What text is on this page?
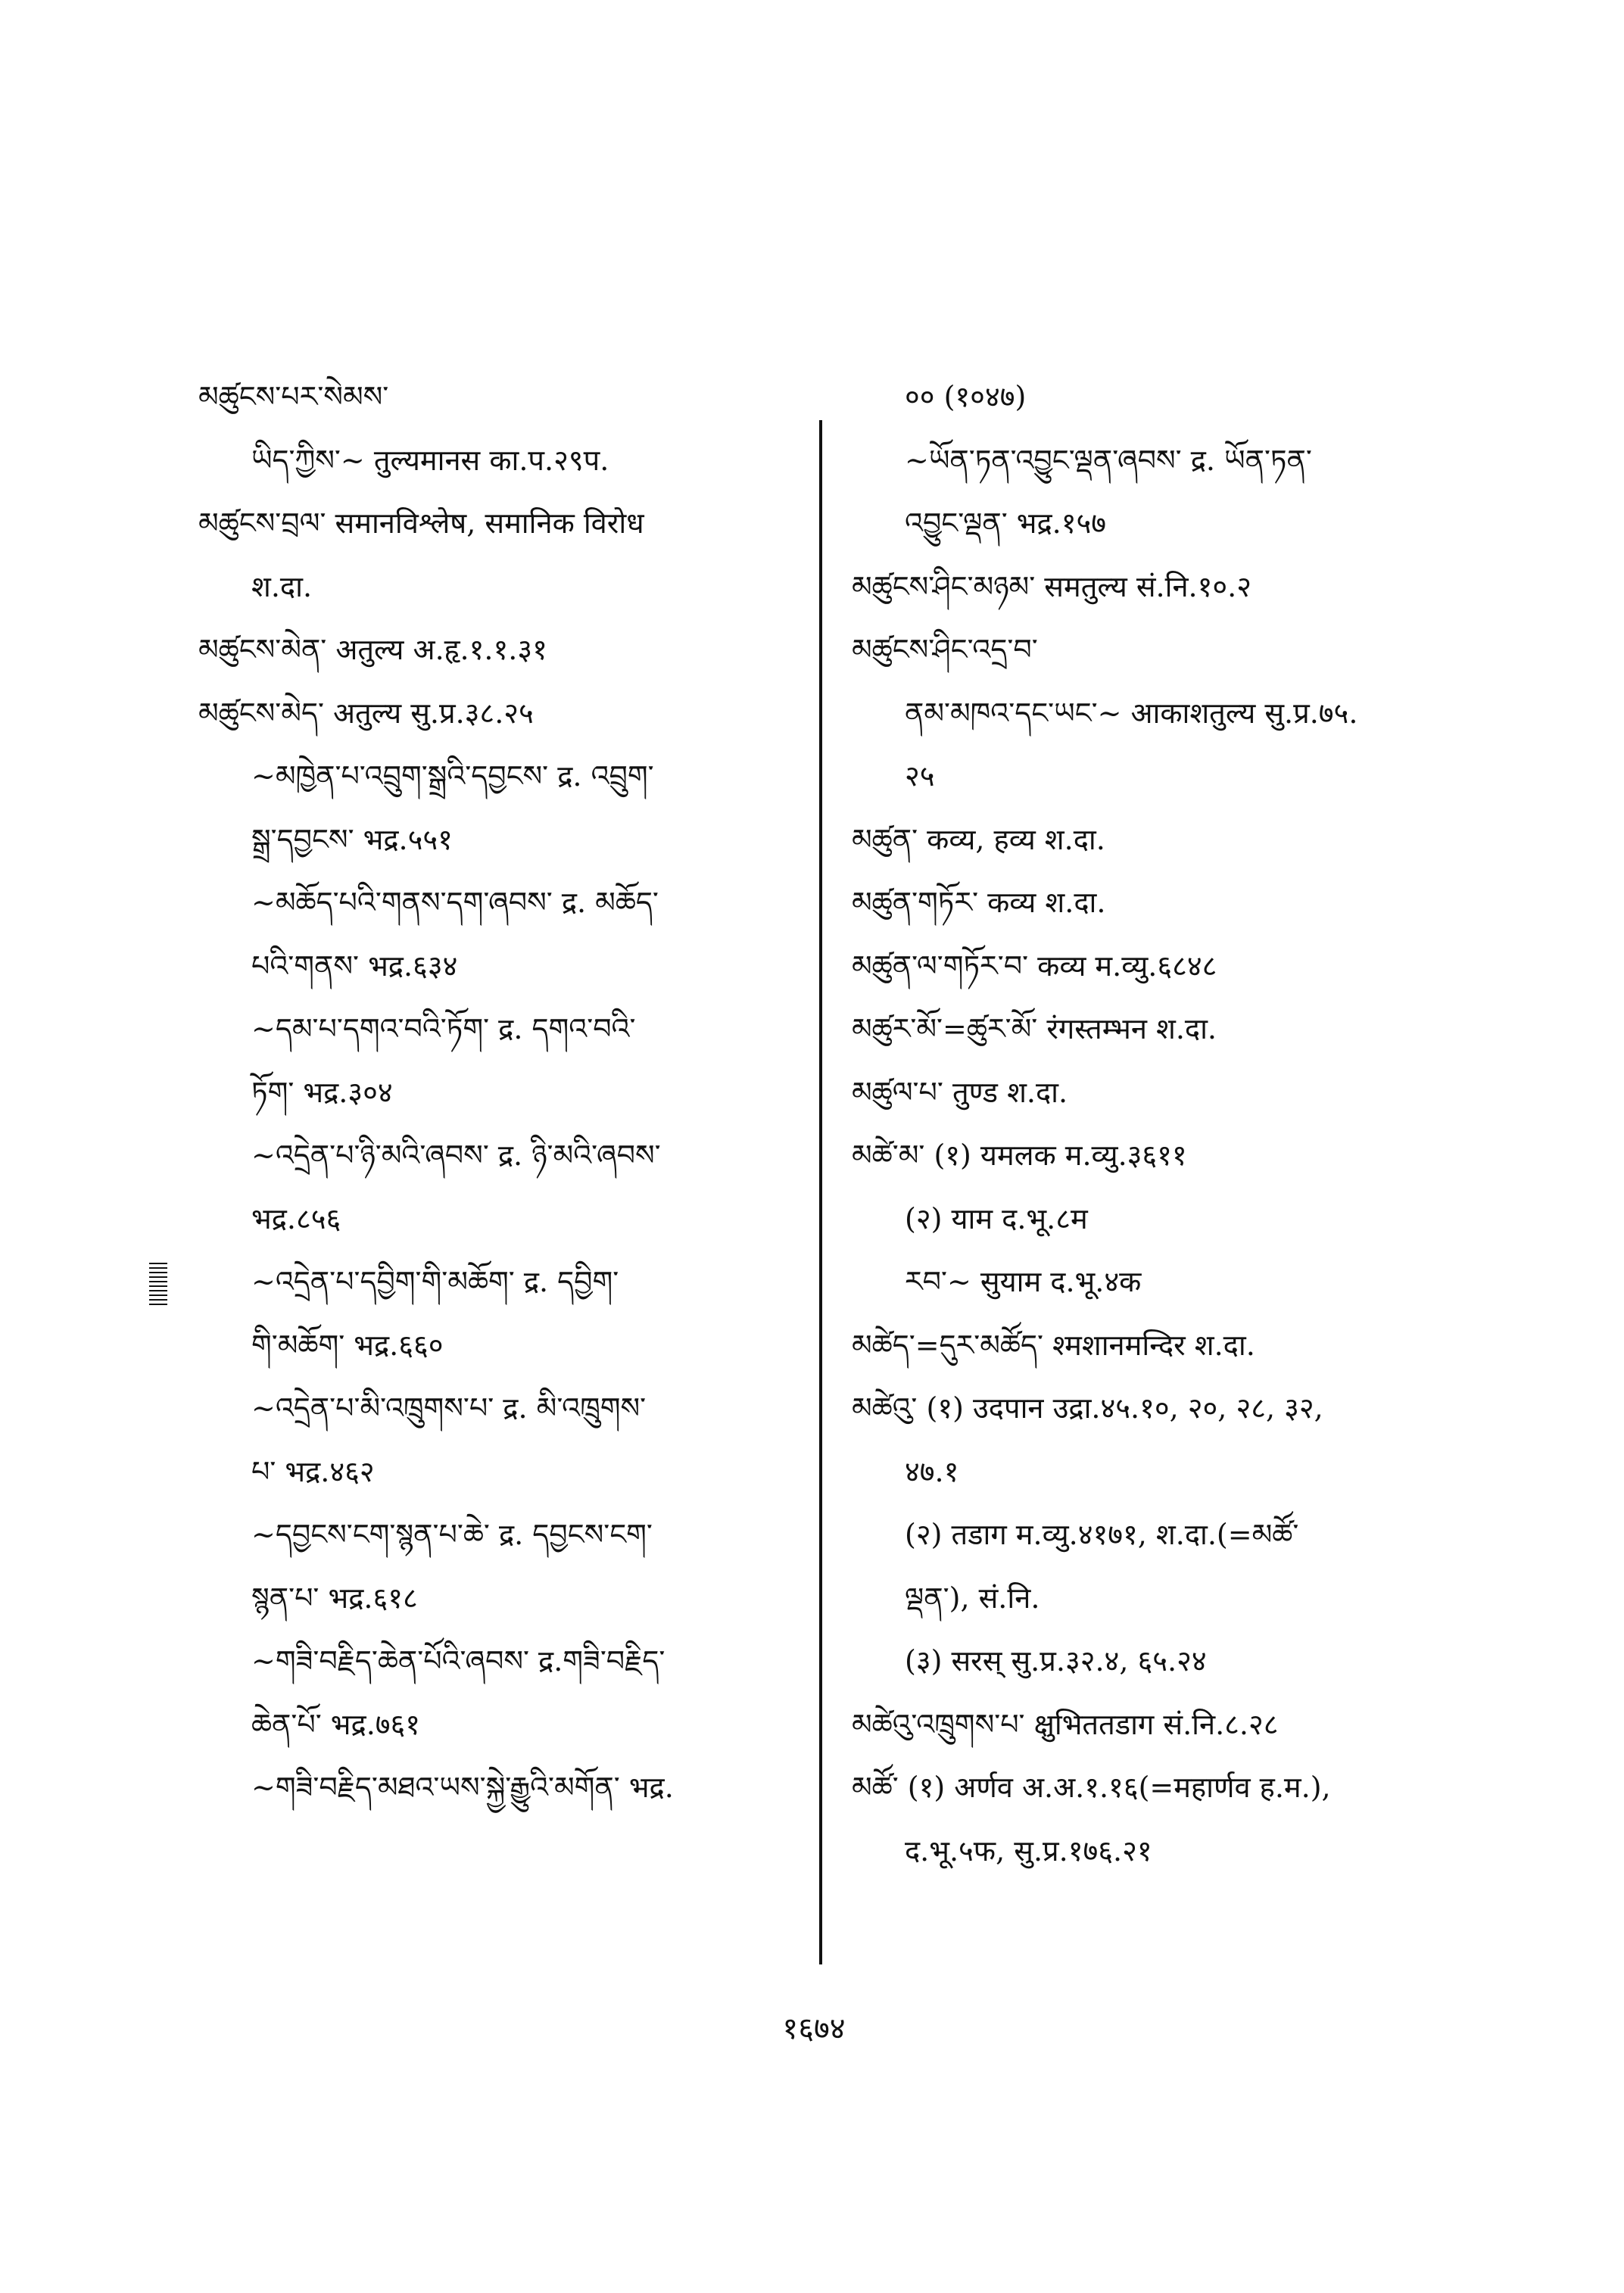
མཚུངས་པར་སེམས་
ཡིད་ཀྱིས་~ तुल्यमानस का.प.२९प.
མཚུངས་བྲལ་ समानविश्लेष, समानिक विरोध
श.दा.
མཚུངས་མེན་ अतुल्य अ.हृ.१.१.३१
མཚུངས་མེད་ अतुल्य सु.प्र.३८.२५
~མཁྱེན་པ་འབྲུག་སྒྲའི་དབྱངས་ द्र. འབྲུག་
སྒྲ་དབྱངས་ भद्र.५५१
~མཆོད་པའི་གནས་དག་ཞབས་ द्र. མཆོད་
པའི་གནས་ भद्र.६३४
~དམ་པ་དགའ་བའི་ཏོག་ द्र. དགའ་བའི་
ཏོག་ भद्र.३०४
~འདྲེན་པ་ཉི་མའི་ཞབས་ द्र. ཉི་མའི་ཞབས་
भद्र.८५६
~འདྲེན་པ་དབྱིག་གི་མཆོག་ द्र. དབྱིག་
གི་མཆོག་ भद्र.६६०
~འདྲེན་པ་མི་འཁྲུགས་པ་ द्र. མི་འཁྲུགས་
པ་ भद्र.४६२
~དབྱངས་ངག་སྙན་པ་ཆེ་ द्र. དབྱངས་ངག་
སྙན་པ་ भद्र.६१८
~གཟི་བརྗིད་ཆེན་པོའི་ཞབས་ द्र.གཟི་བརྗིད་
ཆེན་པོ་ भद्र.७६१
~གཟི་བརྗིད་མཐའ་ཡས་སྐྱེ་རྒྱུའི་མགོན་ भद्र.
०० (१०४७)
~ཡོན་ཏན་འབྱུང་ལྡན་ཞབས་ द्र. ཡོན་ཏན་
འབྱུང་ལྡན་ भद्र.१५७
མཚུངས་ཤིང་མཉམ་ समतुल्य सं.नि.१०.२
མཚུངས་ཤིང་འདྲ་བ་
ནམ་མཁའ་དང་ཡང་~ आकाशतुल्य सु.प्र.७५.
२५
མཚུན་ कव्य, हव्य श.दा.
མཚུན་གཏོར་ कव्य श.दा.
མཚུན་ལ་གཏོར་བ་ कव्य म.व्यु.६८४८
མཚུར་མོ་=ཚུར་མོ་ रंगस्तम्भन श.दा.
མཚུལ་པ་ तुण्ड श.दा.
མཚེ་མ་ (१) यमलक म.व्यु.३६११
(२) याम द.भू.८म
རབ་~ सुयाम द.भू.४क
མཚེད་=དུར་མཚོད་ श्मशानमन्दिर श.दा.
མཚེའུ་ (१) उदपान उद्रा.४५.१०, २०, २८, ३२,
४७.१
(२) तडाग म.व्यु.४१७१, श.दा.(=མཚོ་
ལྡན་), सं.नि.
(३) सरस् सु.प्र.३२.४, ६५.२४
མཚེའུ་འཁྲུགས་པ་ क्षुभिततडाग सं.नि.८.२८
མཚོ་ (१) अर्णव अ.अ.१.१६(=महार्णव ह.म.),
द.भू.५फ, सु.प्र.१७६.२१
१६७४
